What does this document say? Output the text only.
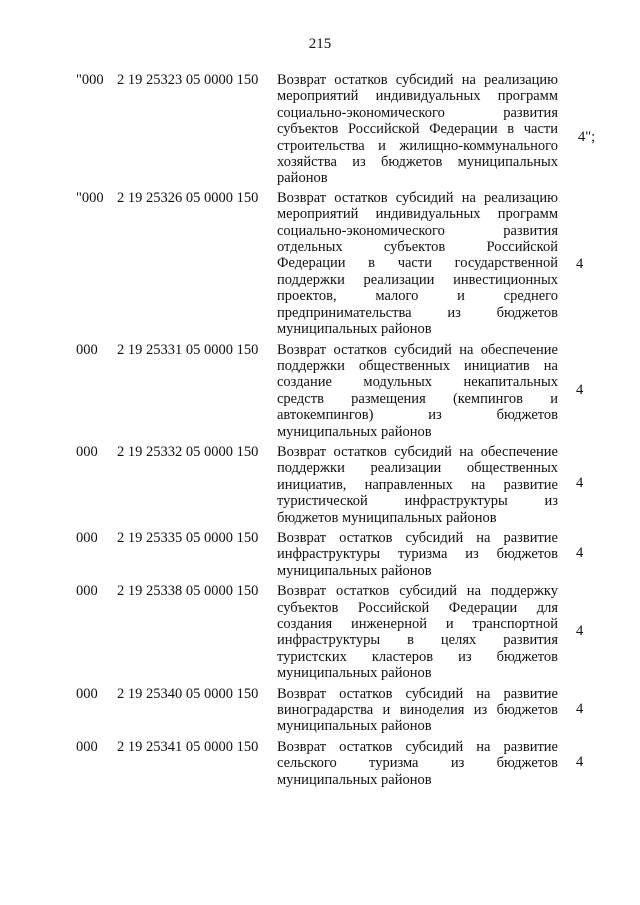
215
"000 2 19 25323 05 0000 150 Возврат остатков субсидий на реализацию
мероприятий индивидуальных программ
социально-экономического развития
субъектов Российской Федерации в части
строительства и жилищно-коммунального
хозяйства из бюджетов муниципальных
районов
4";
"000 2 19 25326 05 0000 150 Возврат остатков субсидий на реализацию
мероприятий индивидуальных программ
социально-экономического развития
отдельных субъектов Российской
Федерации в части государственной
поддержки реализации инвестиционных
проектов, малого и среднего
предпринимательства из бюджетов
муниципальных районов
4
000 2 19 25331 05 0000 150 Возврат остатков субсидий на обеспечение
поддержки общественных инициатив на
создание модульных некапитальных
средств размещения (кемпингов и
автокемпингов) из бюджетов
муниципальных районов
4
000 2 19 25332 05 0000 150 Возврат остатков субсидий на обеспечение
поддержки реализации общественных
инициатив, направленных на развитие
туристической инфраструктуры из
бюджетов муниципальных районов
4
000 2 19 25335 05 0000 150 Возврат остатков субсидий на развитие
инфраструктуры туризма из бюджетов
муниципальных районов
4
000 2 19 25338 05 0000 150 Возврат остатков субсидий на поддержку
субъектов Российской Федерации для
создания инженерной и транспортной
инфраструктуры в целях развития
туристских кластеров из бюджетов
муниципальных районов
4
000 2 19 25340 05 0000 150 Возврат остатков субсидий на развитие
виноградарства и виноделия из бюджетов
муниципальных районов
4
000 2 19 25341 05 0000 150 Возврат остатков субсидий на развитие
сельского туризма из бюджетов
муниципальных районов
4
